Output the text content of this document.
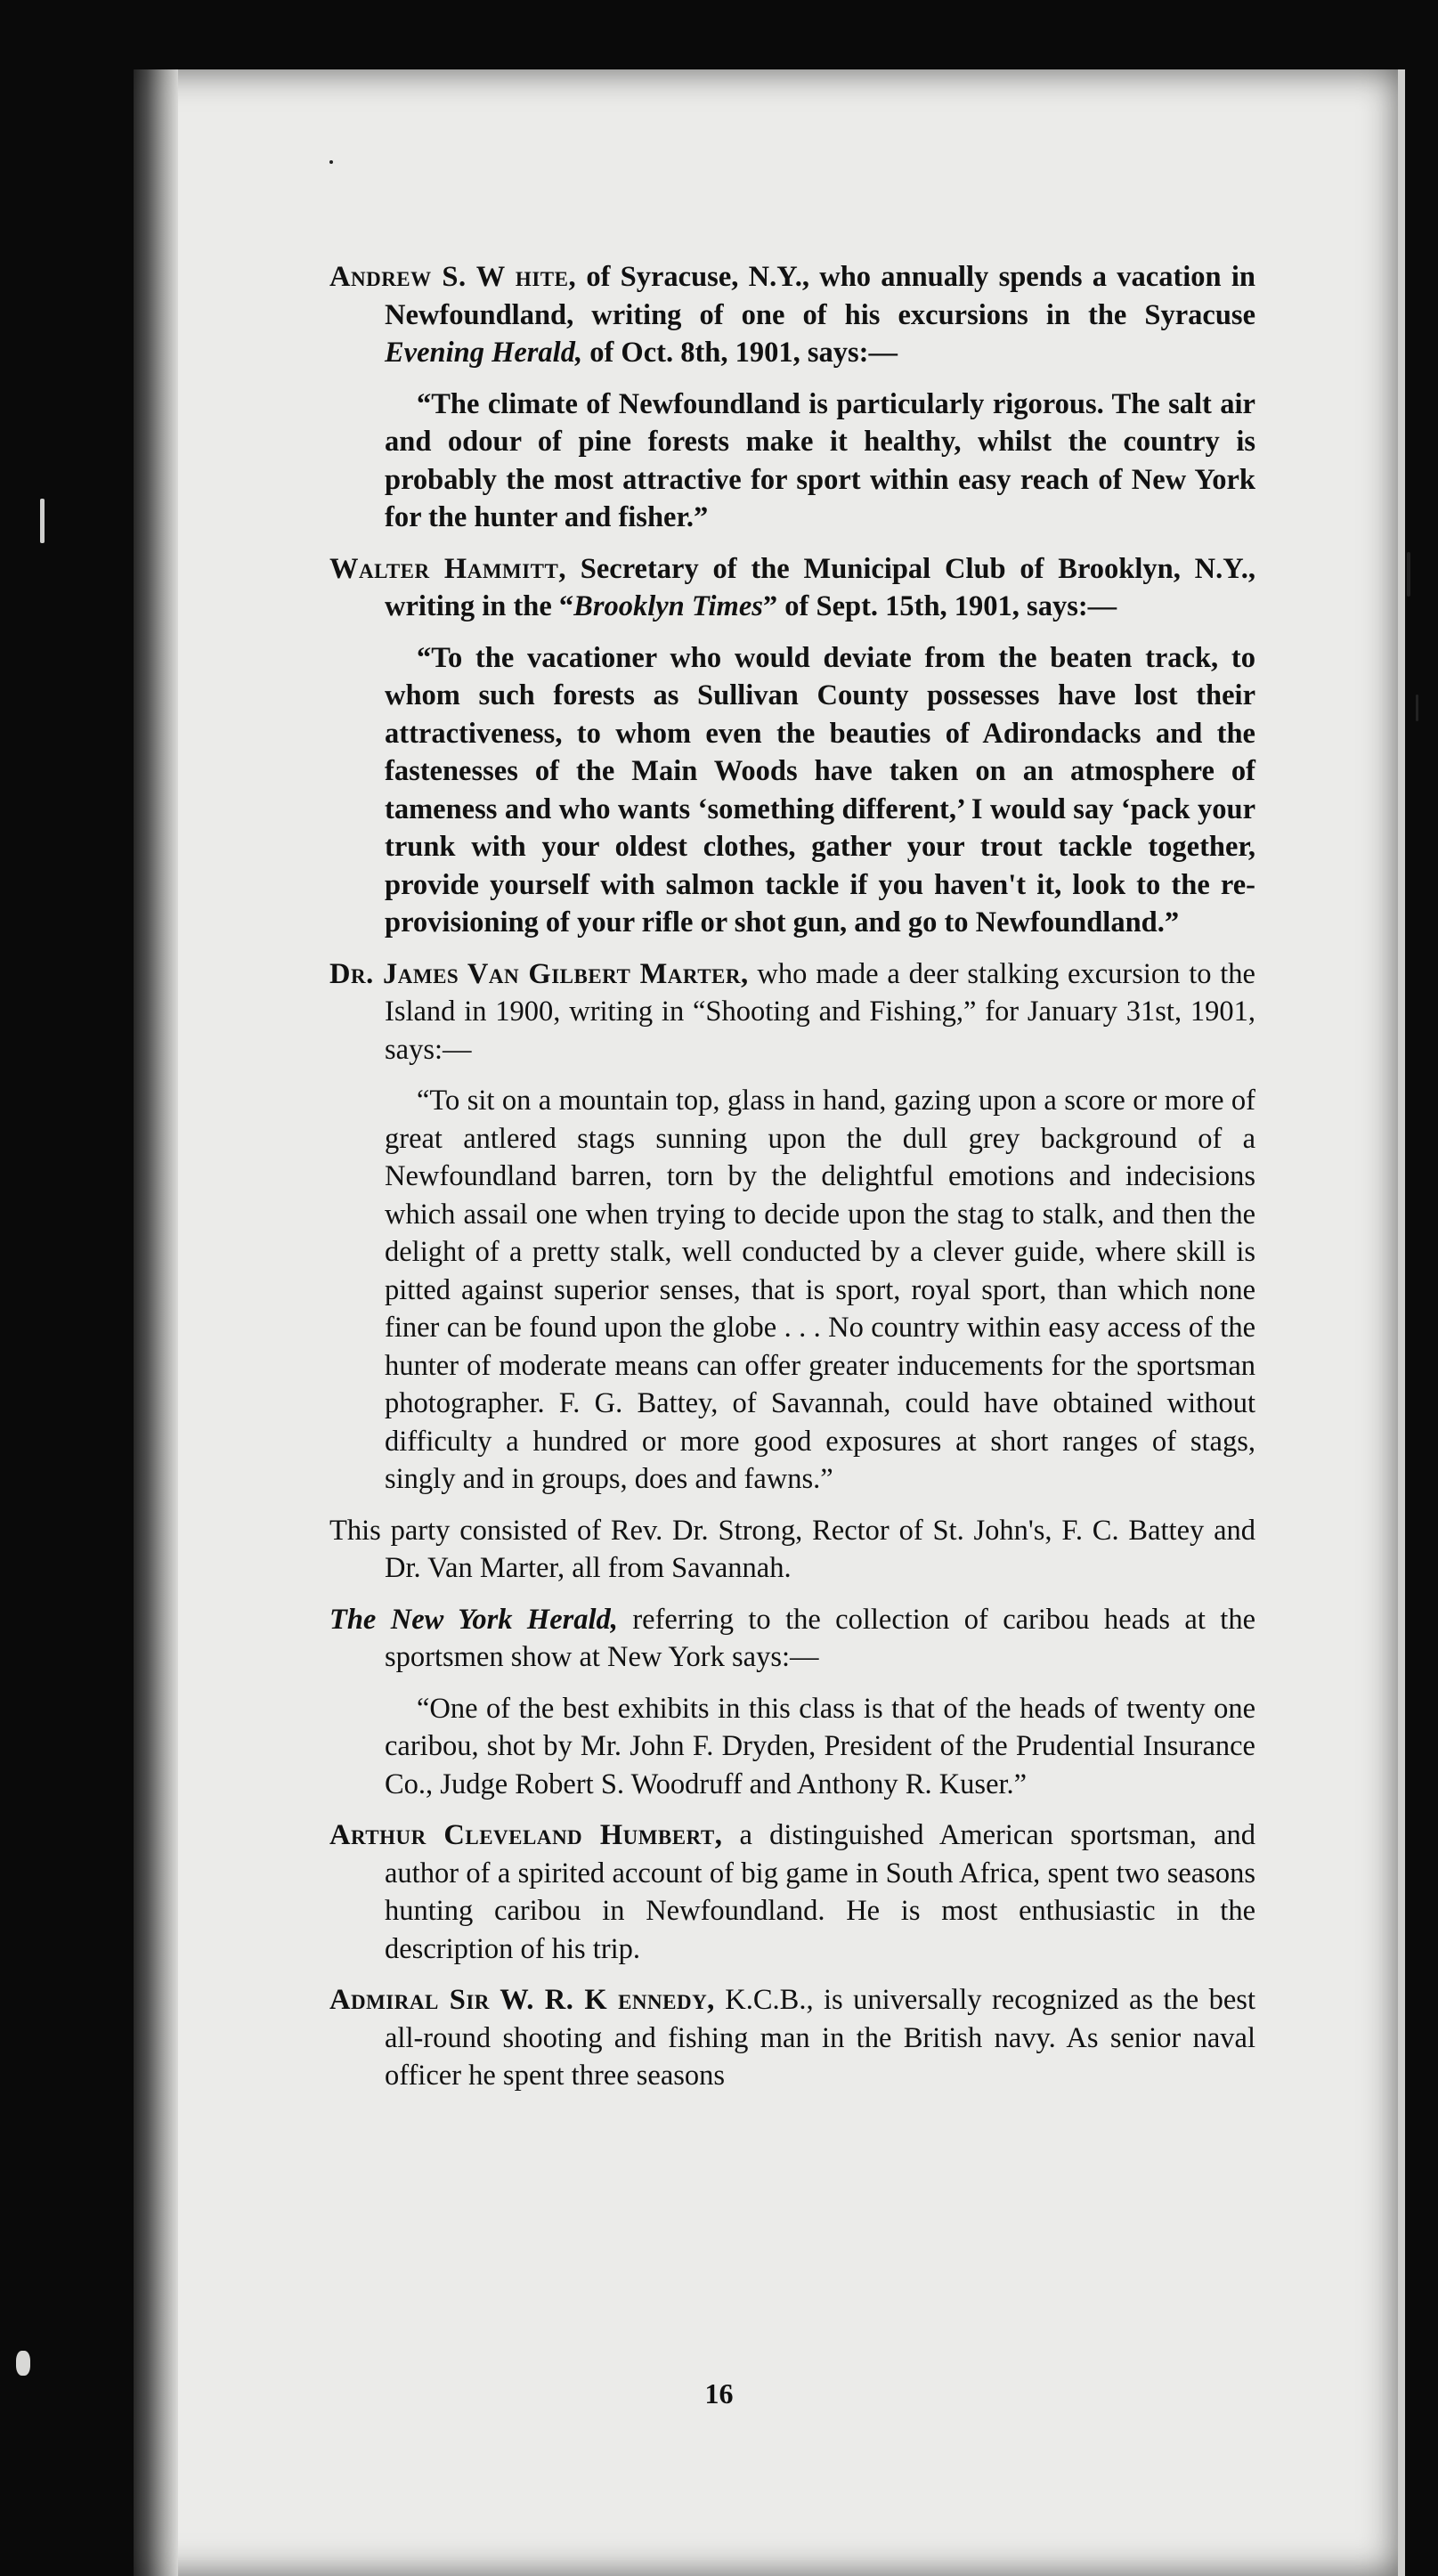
Andrew S. W hite, of Syracuse, N.Y., who annually spends a vacation in Newfoundland, writing of one of his excursions in the Syracuse Evening Herald, of Oct. 8th, 1901, says:—

“The climate of Newfoundland is particularly rigorous. The salt air and odour of pine forests make it healthy, whilst the country is probably the most attractive for sport within easy reach of New York for the hunter and fisher.”

Walter Hammitt, Secretary of the Municipal Club of Brooklyn, N.Y., writing in the “Brooklyn Times” of Sept. 15th, 1901, says:—

“To the vacationer who would deviate from the beaten track, to whom such forests as Sullivan County possesses have lost their attractiveness, to whom even the beauties of Adirondacks and the fastenesses of the Main Woods have taken on an atmosphere of tameness and who wants ‘something different,’ I would say ‘pack your trunk with your oldest clothes, gather your trout tackle together, provide yourself with salmon tackle if you haven't it, look to the re-provisioning of your rifle or shot gun, and go to Newfoundland.”

Dr. James Van Gilbert Marter, who made a deer stalking excursion to the Island in 1900, writing in “Shooting and Fishing,” for January 31st, 1901, says:—

“To sit on a mountain top, glass in hand, gazing upon a score or more of great antlered stags sunning upon the dull grey background of a Newfoundland barren, torn by the delightful emotions and indecisions which assail one when trying to decide upon the stag to stalk, and then the delight of a pretty stalk, well conducted by a clever guide, where skill is pitted against superior senses, that is sport, royal sport, than which none finer can be found upon the globe . . . No country within easy access of the hunter of moderate means can offer greater inducements for the sportsman photographer. F. G. Battey, of Savannah, could have obtained without difficulty a hundred or more good exposures at short ranges of stags, singly and in groups, does and fawns.”

This party consisted of Rev. Dr. Strong, Rector of St. John's, F. C. Battey and Dr. Van Marter, all from Savannah.

The New York Herald, referring to the collection of caribou heads at the sportsmen show at New York says:—

“One of the best exhibits in this class is that of the heads of twenty one caribou, shot by Mr. John F. Dryden, President of the Prudential Insurance Co., Judge Robert S. Woodruff and Anthony R. Kuser.”

Arthur Cleveland Humbert, a distinguished American sportsman, and author of a spirited account of big game in South Africa, spent two seasons hunting caribou in Newfoundland. He is most enthusiastic in the description of his trip.

Admiral Sir W. R. K ennedy, K.C.B., is universally recognized as the best all-round shooting and fishing man in the British navy. As senior naval officer he spent three seasons

16
